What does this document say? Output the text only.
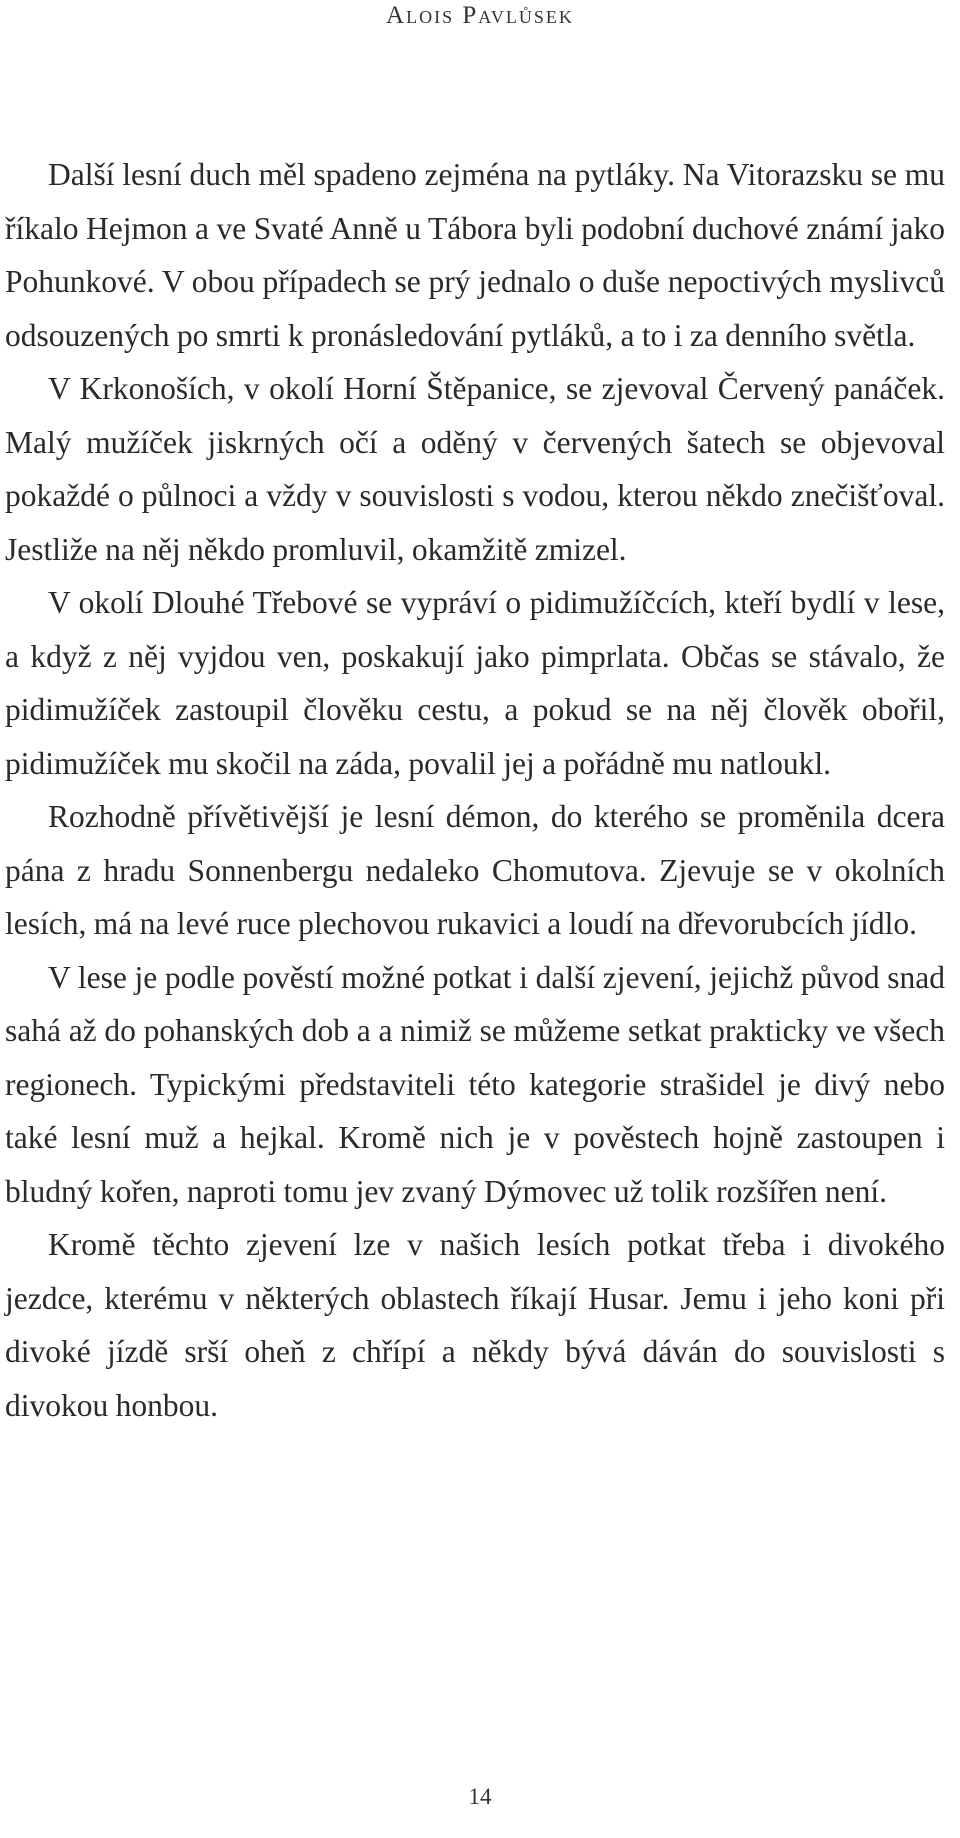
Alois Pavlůsek

Další lesní duch měl spadeno zejména na pytláky. Na Vitorazsku se mu říkalo Hejmon a ve Svaté Anně u Tábora byli podobní duchové známí jako Pohunkové. V obou případech se prý jednalo o duše nepoctivých myslivců odsouzených po smrti k pronásledování pytláků, a to i za denního světla.

V Krkonoších, v okolí Horní Štěpanice, se zjevoval Červený panáček. Malý mužíček jiskrných očí a oděný v červených šatech se objevoval pokaždé o půlnoci a vždy v souvislosti s vodou, kterou někdo znečišťoval. Jestliže na něj někdo promluvil, okamžitě zmizel.

V okolí Dlouhé Třebové se vypráví o pidimužíčcích, kteří bydlí v lese, a když z něj vyjdou ven, poskakují jako pimprlata. Občas se stávalo, že pidimužíček zastoupil člověku cestu, a pokud se na něj člověk obořil, pidimužíček mu skočil na záda, povalil jej a pořádně mu natloukl.

Rozhodně přívětivější je lesní démon, do kterého se proměnila dcera pána z hradu Sonnenbergu nedaleko Chomutova. Zjevuje se v okolních lesích, má na levé ruce plechovou rukavici a loudí na dřevorubcích jídlo.

V lese je podle pověstí možné potkat i další zjevení, jejichž původ snad sahá až do pohanských dob a a nimiž se můžeme setkat prakticky ve všech regionech. Typickými představiteli této kategorie strašidel je divý nebo také lesní muž a hejkal. Kromě nich je v pověstech hojně zastoupen i bludný kořen, naproti tomu jev zvaný Dýmovec už tolik rozšířen není.

Kromě těchto zjevení lze v našich lesích potkat třeba i divokého jezdce, kterému v některých oblastech říkají Husar. Jemu i jeho koni při divoké jízdě srší oheň z chřípí a někdy bývá dáván do souvislosti s divokou honbou.

14
